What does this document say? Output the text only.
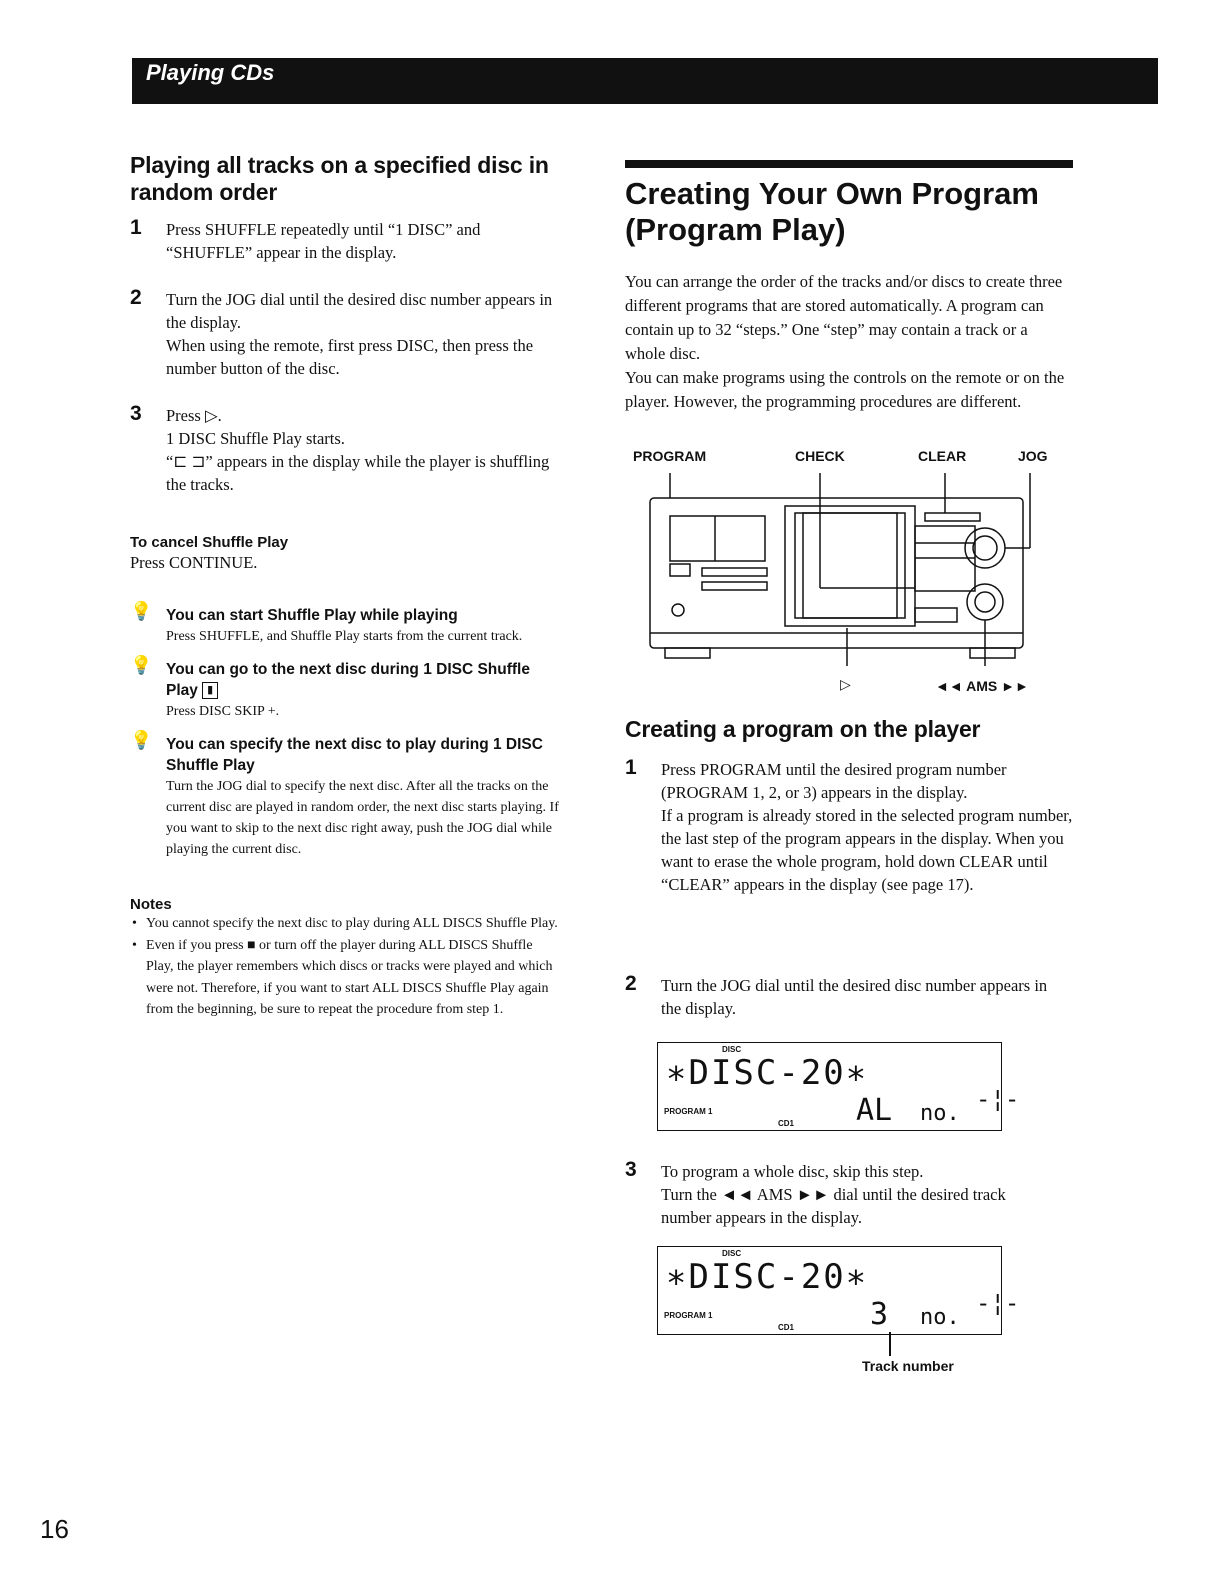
Playing CDs
Playing all tracks on a specified disc in random order
1 Press SHUFFLE repeatedly until “1 DISC” and “SHUFFLE” appear in the display.

2 Turn the JOG dial until the desired disc number appears in the display.

When using the remote, first press DISC, then press the number button of the disc.

3 Press ▷.

1 DISC Shuffle Play starts.

“⊏ ⊐” appears in the display while the player is shuffling the tracks.

To cancel Shuffle Play
Press CONTINUE.
💡 You can start Shuffle Play while playing
Press SHUFFLE, and Shuffle Play starts from the current track.
💡 You can go to the next disc during 1 DISC Shuffle Play ▮
Press DISC SKIP +.
💡 You can specify the next disc to play during 1 DISC Shuffle Play
Turn the JOG dial to specify the next disc. After all the tracks on the current disc are played in random order, the next disc starts playing. If you want to skip to the next disc right away, push the JOG dial while playing the current disc.
Notes
• You cannot specify the next disc to play during ALL DISCS Shuffle Play.
• Even if you press ■ or turn off the player during ALL DISCS Shuffle Play, the player remembers which discs or tracks were played and which were not. Therefore, if you want to start ALL DISCS Shuffle Play again from the beginning, be sure to repeat the procedure from step 1.
Creating Your Own Program (Program Play)
You can arrange the order of the tracks and/or discs to create three different programs that are stored automatically. A program can contain up to 32 “steps.” One “step” may contain a track or a whole disc.
You can make programs using the controls on the remote or on the player. However, the programming procedures are different.
PROGRAM	CHECK	CLEAR	JOG
▷	◄◄ AMS ►►
Creating a program on the player
1 Press PROGRAM until the desired program number (PROGRAM 1, 2, or 3) appears in the display.

If a program is already stored in the selected program number, the last step of the program appears in the display. When you want to erase the whole program, hold down CLEAR until “CLEAR” appears in the display (see page 17).

2 Turn the JOG dial until the desired disc number appears in the display.

DISC
∗DISC-20∗
PROGRAM 1
CD1 AL no.
-¦-
3 To program a whole disc, skip this step.

Turn the ◄◄ AMS ►► dial until the desired track number appears in the display.

DISC
∗DISC-20∗
PROGRAM 1
CD1	3 no.
-¦-
Track number
16
